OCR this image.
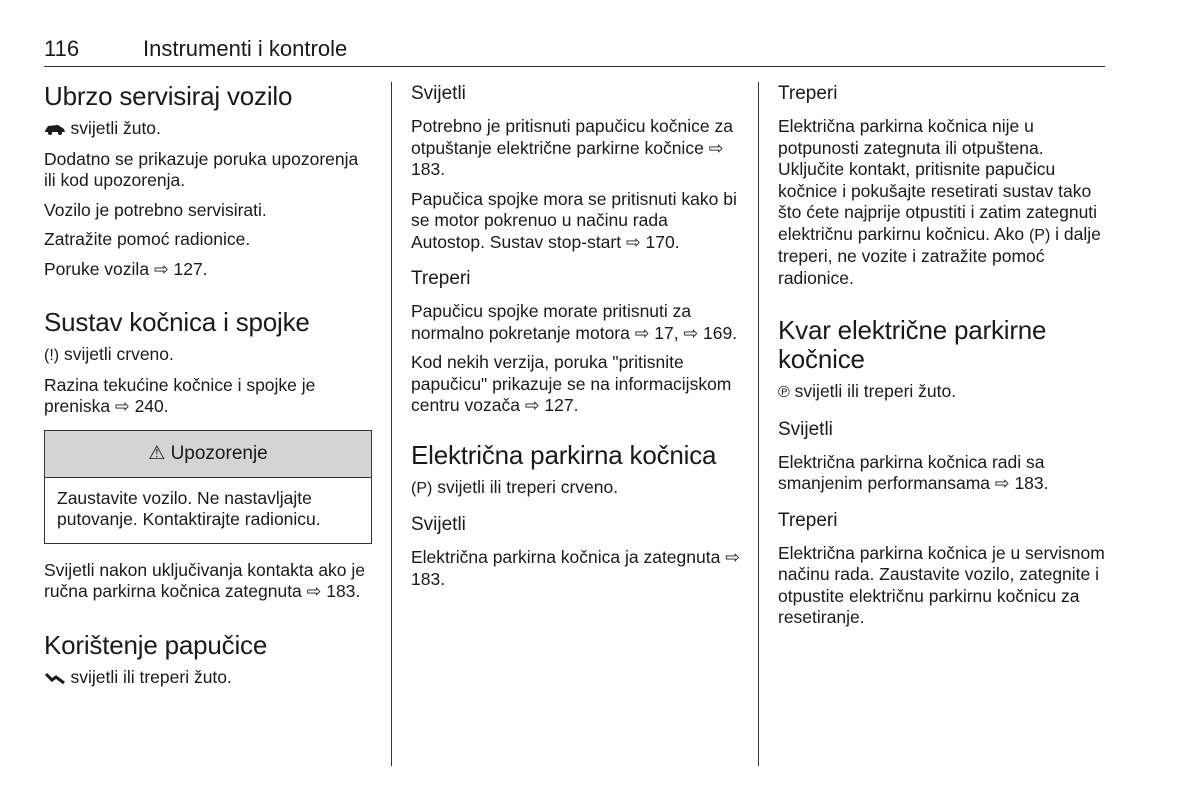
116	Instrumenti i kontrole
Ubrzo servisiraj vozilo

svijetli žuto.

Dodatno se prikazuje poruka upozorenja ili kod upozorenja.

Vozilo je potrebno servisirati.

Zatražite pomoć radionice.

Poruke vozila ⇨ 127.

Sustav kočnica i spojke

(!) svijetli crveno.

Razina tekućine kočnice i spojke je preniska ⇨ 240.

⚠ Upozorenje
Zaustavite vozilo. Ne nastavljajte putovanje. Kontaktirajte radionicu.

Svijetli nakon uključivanja kontakta ako je ručna parkirna kočnica zategnuta ⇨ 183.

Korištenje papučice

svijetli ili treperi žuto.

Svijetli

Potrebno je pritisnuti papučicu kočnice za otpuštanje električne parkirne kočnice ⇨ 183.

Papučica spojke mora se pritisnuti kako bi se motor pokrenuo u načinu rada Autostop. Sustav stop-start ⇨ 170.

Treperi

Papučicu spojke morate pritisnuti za normalno pokretanje motora ⇨ 17, ⇨ 169.

Kod nekih verzija, poruka "pritisnite papučicu" prikazuje se na informacijskom centru vozača ⇨ 127.

Električna parkirna kočnica

(P) svijetli ili treperi crveno.

Svijetli

Električna parkirna kočnica ja zategnuta ⇨ 183.

Treperi

Električna parkirna kočnica nije u potpunosti zategnuta ili otpuštena. Uključite kontakt, pritisnite papučicu kočnice i pokušajte resetirati sustav tako što ćete najprije otpustiti i zatim zategnuti električnu parkirnu kočnicu. Ako (P) i dalje treperi, ne vozite i zatražite pomoć radionice.

Kvar električne parkirne kočnice

℗ svijetli ili treperi žuto.

Svijetli

Električna parkirna kočnica radi sa smanjenim performansama ⇨ 183.

Treperi

Električna parkirna kočnica je u servisnom načinu rada. Zaustavite vozilo, zategnite i otpustite električnu parkirnu kočnicu za resetiranje.
